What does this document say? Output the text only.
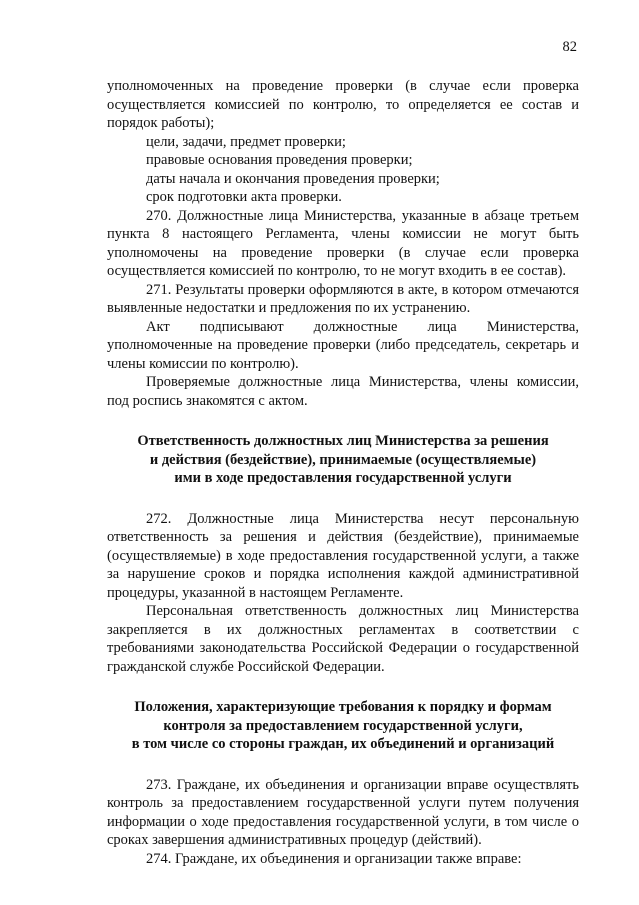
82

уполномоченных на проведение проверки (в случае если проверка осуществляется комиссией по контролю, то определяется ее состав и порядок работы);

цели, задачи, предмет проверки;

правовые основания проведения проверки;

даты начала и окончания проведения проверки;

срок подготовки акта проверки.

270. Должностные лица Министерства, указанные в абзаце третьем пункта 8 настоящего Регламента, члены комиссии не могут быть уполномочены на проведение проверки (в случае если проверка осуществляется комиссией по контролю, то не могут входить в ее состав).

271. Результаты проверки оформляются в акте, в котором отмечаются выявленные недостатки и предложения по их устранению.

Акт подписывают должностные лица Министерства, уполномоченные на проведение проверки (либо председатель, секретарь и члены комиссии по контролю).

Проверяемые должностные лица Министерства, члены комиссии, под роспись знакомятся с актом.

Ответственность должностных лиц Министерства за решения
и действия (бездействие), принимаемые (осуществляемые)
ими в ходе предоставления государственной услуги

272. Должностные лица Министерства несут персональную ответственность за решения и действия (бездействие), принимаемые (осуществляемые) в ходе предоставления государственной услуги, а также за нарушение сроков и порядка исполнения каждой административной процедуры, указанной в настоящем Регламенте.

Персональная ответственность должностных лиц Министерства закрепляется в их должностных регламентах в соответствии с требованиями законодательства Российской Федерации о государственной гражданской службе Российской Федерации.

Положения, характеризующие требования к порядку и формам
контроля за предоставлением государственной услуги,
в том числе со стороны граждан, их объединений и организаций

273. Граждане, их объединения и организации вправе осуществлять контроль за предоставлением государственной услуги путем получения информации о ходе предоставления государственной услуги, в том числе о сроках завершения административных процедур (действий).

274. Граждане, их объединения и организации также вправе:
